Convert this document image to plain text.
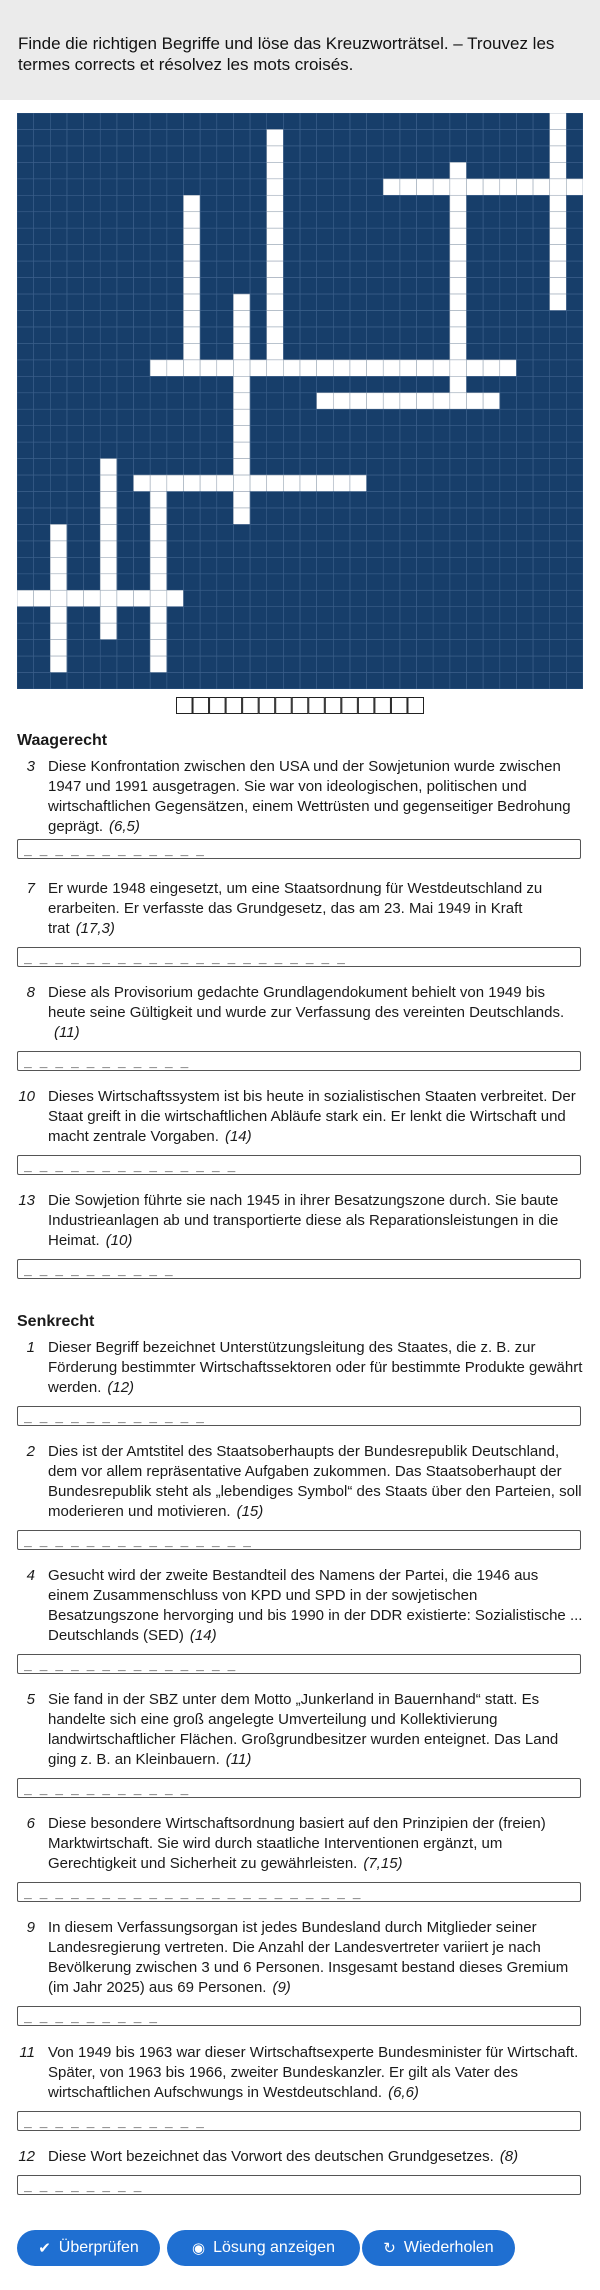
Finde die richtigen Begriffe und löse das Kreuzworträtsel. – Trouvez les termes corrects et résolvez les mots croisés.

Waagerecht
3 Diese Konfrontation zwischen den USA und der Sowjetunion wurde zwischen 1947 und 1991 ausgetragen. Sie war von ideologischen, politischen und wirtschaftlichen Gegensätzen, einem Wettrüsten und gegenseitiger Bedrohung geprägt. (6,5)
_ _ _ _ _ _ _ _ _ _ _ _
7 Er wurde 1948 eingesetzt, um eine Staatsordnung für Westdeutschland zu erarbeiten. Er verfasste das Grundgesetz, das am 23. Mai 1949 in Kraft trat (17,3)
_ _ _ _ _ _ _ _ _ _ _ _ _ _ _ _ _ _ _ _ _
8 Diese als Provisorium gedachte Grundlagendokument behielt von 1949 bis heute seine Gültigkeit und wurde zur Verfassung des vereinten Deutschlands.(11)
_ _ _ _ _ _ _ _ _ _ _
10 Dieses Wirtschaftssystem ist bis heute in sozialistischen Staaten verbreitet. Der Staat greift in die wirtschaftlichen Abläufe stark ein. Er lenkt die Wirtschaft und macht zentrale Vorgaben. (14)
_ _ _ _ _ _ _ _ _ _ _ _ _ _
13 Die Sowjetion führte sie nach 1945 in ihrer Besatzungszone durch. Sie baute Industrieanlagen ab und transportierte diese als Reparationsleistungen in die Heimat. (10)
_ _ _ _ _ _ _ _ _ _
Senkrecht
1 Dieser Begriff bezeichnet Unterstützungsleitung des Staates, die z. B. zur Förderung bestimmter Wirtschaftssektoren oder für bestimmte Produkte gewährt werden. (12)
_ _ _ _ _ _ _ _ _ _ _ _
2 Dies ist der Amtstitel des Staatsoberhaupts der Bundesrepublik Deutschland, dem vor allem repräsentative Aufgaben zukommen. Das Staatsoberhaupt der Bundesrepublik steht als „lebendiges Symbol“ des Staats über den Parteien, soll moderieren und motivieren. (15)
_ _ _ _ _ _ _ _ _ _ _ _ _ _ _
4 Gesucht wird der zweite Bestandteil des Namens der Partei, die 1946 aus einem Zusammenschluss von KPD und SPD in der sowjetischen Besatzungszone hervorging und bis 1990 in der DDR existierte: Sozialistische ... Deutschlands (SED) (14)
_ _ _ _ _ _ _ _ _ _ _ _ _ _
5 Sie fand in der SBZ unter dem Motto „Junkerland in Bauernhand“ statt. Es handelte sich eine groß angelegte Umverteilung und Kollektivierung landwirtschaftlicher Flächen. Großgrundbesitzer wurden enteignet. Das Land ging z. B. an Kleinbauern. (11)
_ _ _ _ _ _ _ _ _ _ _
6 Diese besondere Wirtschaftsordnung basiert auf den Prinzipien der (freien) Marktwirtschaft. Sie wird durch staatliche Interventionen ergänzt, um Gerechtigkeit und Sicherheit zu gewährleisten. (7,15)
_ _ _ _ _ _ _ _ _ _ _ _ _ _ _ _ _ _ _ _ _ _
9 In diesem Verfassungsorgan ist jedes Bundesland durch Mitglieder seiner Landesregierung vertreten. Die Anzahl der Landesvertreter variiert je nach Bevölkerung zwischen 3 und 6 Personen. Insgesamt bestand dieses Gremium (im Jahr 2025) aus 69 Personen. (9)
_ _ _ _ _ _ _ _ _
11 Von 1949 bis 1963 war dieser Wirtschaftsexperte Bundesminister für Wirtschaft. Später, von 1963 bis 1966, zweiter Bundeskanzler. Er gilt als Vater des wirtschaftlichen Aufschwungs in Westdeutschland. (6,6)
_ _ _ _ _ _ _ _ _ _ _ _
12 Diese Wort bezeichnet das Vorwort des deutschen Grundgesetzes. (8)
_ _ _ _ _ _ _ _
✔ Überprüfen	◉ Lösung anzeigen	↻ Wiederholen
